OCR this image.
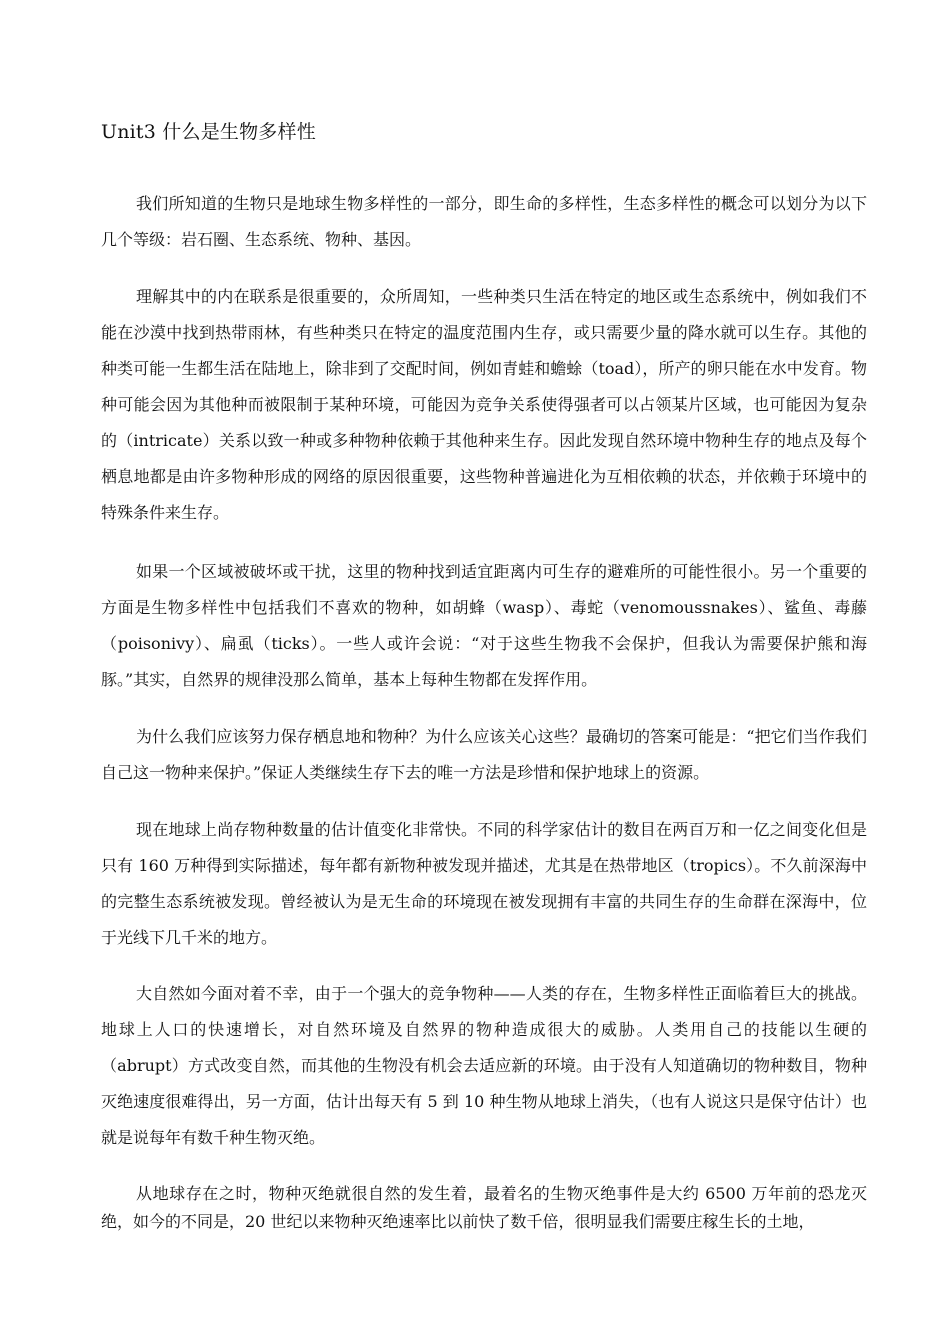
Unit3 什么是生物多样性

我们所知道的生物只是地球生物多样性的一部分，即生命的多样性，生态多样性的概念可以划分为以下几个等级：岩石圈、生态系统、物种、基因。

理解其中的内在联系是很重要的，众所周知，一些种类只生活在特定的地区或生态系统中，例如我们不能在沙漠中找到热带雨林，有些种类只在特定的温度范围内生存，或只需要少量的降水就可以生存。其他的种类可能一生都生活在陆地上，除非到了交配时间，例如青蛙和蟾蜍（toad），所产的卵只能在水中发育。物种可能会因为其他种而被限制于某种环境，可能因为竞争关系使得强者可以占领某片区域，也可能因为复杂的（intricate）关系以致一种或多种物种依赖于其他种来生存。因此发现自然环境中物种生存的地点及每个栖息地都是由许多物种形成的网络的原因很重要，这些物种普遍进化为互相依赖的状态，并依赖于环境中的特殊条件来生存。

如果一个区域被破坏或干扰，这里的物种找到适宜距离内可生存的避难所的可能性很小。另一个重要的方面是生物多样性中包括我们不喜欢的物种，如胡蜂（wasp）、毒蛇（venomoussnakes）、鲨鱼、毒藤（poisonivy）、扁虱（ticks）。一些人或许会说：“对于这些生物我不会保护，但我认为需要保护熊和海豚。”其实，自然界的规律没那么简单，基本上每种生物都在发挥作用。

为什么我们应该努力保存栖息地和物种？为什么应该关心这些？最确切的答案可能是：“把它们当作我们自己这一物种来保护。”保证人类继续生存下去的唯一方法是珍惜和保护地球上的资源。

现在地球上尚存物种数量的估计值变化非常快。不同的科学家估计的数目在两百万和一亿之间变化但是只有 160 万种得到实际描述，每年都有新物种被发现并描述，尤其是在热带地区（tropics）。不久前深海中的完整生态系统被发现。曾经被认为是无生命的环境现在被发现拥有丰富的共同生存的生命群在深海中，位于光线下几千米的地方。

大自然如今面对着不幸，由于一个强大的竞争物种——人类的存在，生物多样性正面临着巨大的挑战。地球上人口的快速增长，对自然环境及自然界的物种造成很大的威胁。人类用自己的技能以生硬的（abrupt）方式改变自然，而其他的生物没有机会去适应新的环境。由于没有人知道确切的物种数目，物种灭绝速度很难得出，另一方面，估计出每天有 5 到 10 种生物从地球上消失，（也有人说这只是保守估计）也就是说每年有数千种生物灭绝。

从地球存在之时，物种灭绝就很自然的发生着，最着名的生物灭绝事件是大约 6500 万年前的恐龙灭绝，如今的不同是，20 世纪以来物种灭绝速率比以前快了数千倍，很明显我们需要庄稼生长的土地，
